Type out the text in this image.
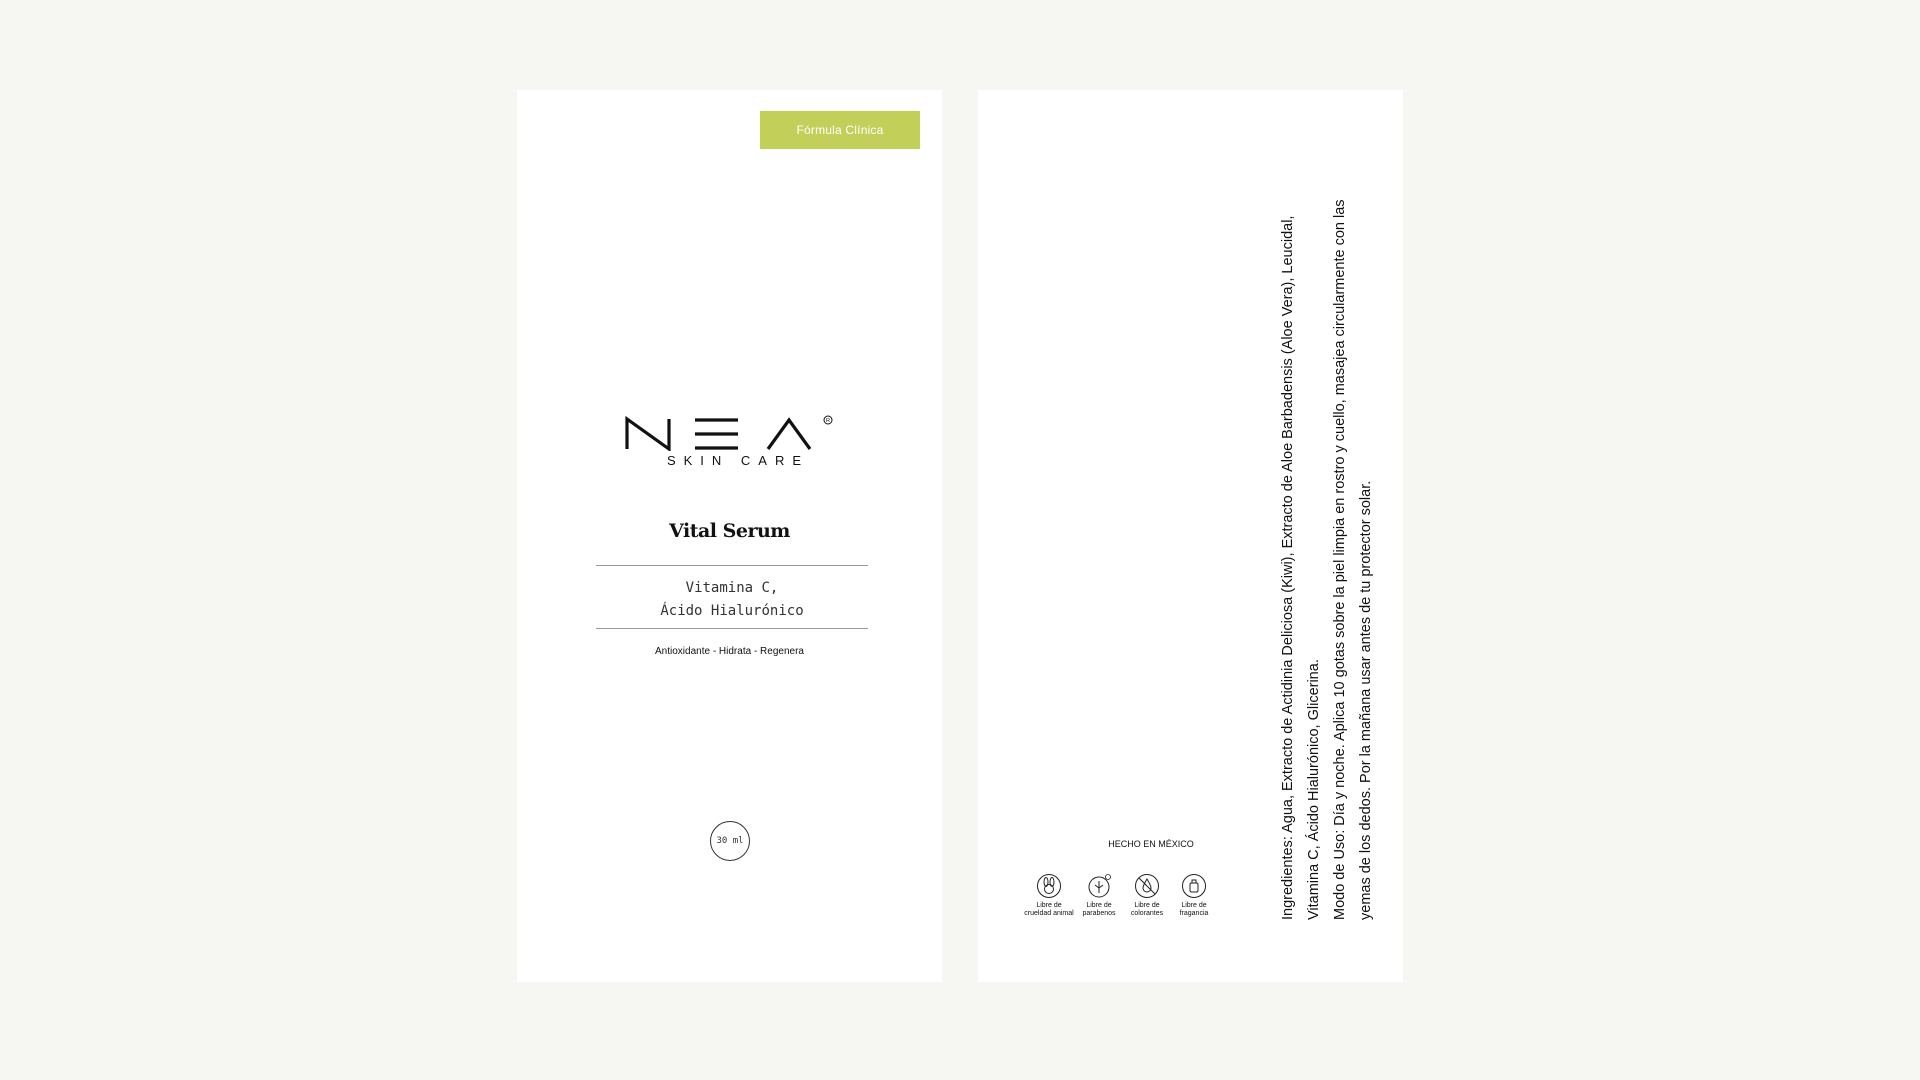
Fórmula Clínica
R
SKIN CARE
Vital Serum
Vitamina C,
Ácido Hialurónico
Antioxidante - Hidrata - Regenera
30 ml	HECHO EN MÉXICO
Libre de
crueldad animal
Libre de
parabenos
Libre de
colorantes
Libre de
fragancia	Ingredientes: Agua, Extracto de Actidinia Deliciosa (Kiwi), Extracto de Aloe Barbadensis (Aloe Vera), Leucidal, Vitamina C, Ácido Hialurónico, Glicerina. Modo de Uso: Día y noche. Aplica 10 gotas sobre la piel limpia en rostro y cuello, masajea circularmente con las yemas de los dedos. Por la mañana usar antes de tu protector solar.
